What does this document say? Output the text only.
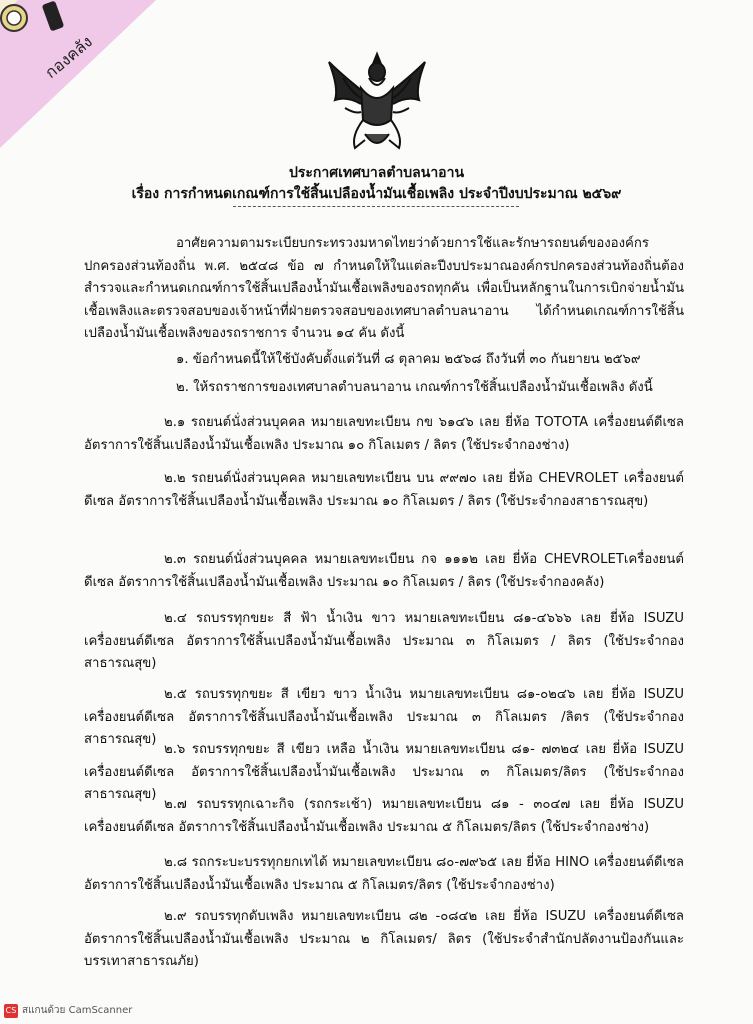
กองคลัง
ประกาศเทศบาลตำบลนาอาน
เรื่อง การกำหนดเกณฑ์การใช้สิ้นเปลืองน้ำมันเชื้อเพลิง ประจำปีงบประมาณ ๒๕๖๙
อาศัยความตามระเบียบกระทรวงมหาดไทยว่าด้วยการใช้และรักษารถยนต์ขององค์กรปกครองส่วนท้องถิ่น พ.ศ. ๒๕๔๘ ข้อ ๗ กำหนดให้ในแต่ละปีงบประมาณองค์กรปกครองส่วนท้องถิ่นต้องสำรวจและกำหนดเกณฑ์การใช้สิ้นเปลืองน้ำมันเชื้อเพลิงของรถทุกคัน เพื่อเป็นหลักฐานในการเบิกจ่ายน้ำมันเชื้อเพลิงและตรวจสอบของเจ้าหน้าที่ฝ่ายตรวจสอบของเทศบาลตำบลนาอาน ได้กำหนดเกณฑ์การใช้สิ้นเปลืองน้ำมันเชื้อเพลิงของรถราชการ จำนวน ๑๔ คัน ดังนี้
๑. ข้อกำหนดนี้ให้ใช้บังคับตั้งแต่วันที่ ๘ ตุลาคม ๒๕๖๘ ถึงวันที่ ๓๐ กันยายน ๒๕๖๙
๒. ให้รถราชการของเทศบาลตำบลนาอาน เกณฑ์การใช้สิ้นเปลืองน้ำมันเชื้อเพลิง ดังนี้
๒.๑ รถยนต์นั่งส่วนบุคคล หมายเลขทะเบียน กข ๖๑๔๖ เลย ยี่ห้อ TOTOTA เครื่องยนต์ดีเซล อัตราการใช้สิ้นเปลืองน้ำมันเชื้อเพลิง ประมาณ ๑๐ กิโลเมตร / ลิตร (ใช้ประจำกองช่าง)
๒.๒ รถยนต์นั่งส่วนบุคคล หมายเลขทะเบียน บน ๙๙๗๐ เลย ยี่ห้อ CHEVROLET เครื่องยนต์ดีเซล อัตราการใช้สิ้นเปลืองน้ำมันเชื้อเพลิง ประมาณ ๑๐ กิโลเมตร / ลิตร (ใช้ประจำกองสาธารณสุข)
๒.๓ รถยนต์นั่งส่วนบุคคล หมายเลขทะเบียน กจ ๑๑๑๒ เลย ยี่ห้อ CHEVROLETเครื่องยนต์ดีเซล อัตราการใช้สิ้นเปลืองน้ำมันเชื้อเพลิง ประมาณ ๑๐ กิโลเมตร / ลิตร (ใช้ประจำกองคลัง)
๒.๔ รถบรรทุกขยะ สี ฟ้า น้ำเงิน ขาว หมายเลขทะเบียน ๘๑-๔๖๖๖ เลย ยี่ห้อ ISUZU เครื่องยนต์ดีเซล อัตราการใช้สิ้นเปลืองน้ำมันเชื้อเพลิง ประมาณ ๓ กิโลเมตร / ลิตร (ใช้ประจำกองสาธารณสุข)
๒.๕ รถบรรทุกขยะ สี เขียว ขาว น้ำเงิน หมายเลขทะเบียน ๘๑-๐๒๔๖ เลย ยี่ห้อ ISUZU เครื่องยนต์ดีเซล อัตราการใช้สิ้นเปลืองน้ำมันเชื้อเพลิง ประมาณ ๓ กิโลเมตร /ลิตร (ใช้ประจำกองสาธารณสุข)
๒.๖ รถบรรทุกขยะ สี เขียว เหลือ น้ำเงิน หมายเลขทะเบียน ๘๑- ๗๓๒๔ เลย ยี่ห้อ ISUZU เครื่องยนต์ดีเซล อัตราการใช้สิ้นเปลืองน้ำมันเชื้อเพลิง ประมาณ ๓ กิโลเมตร/ลิตร (ใช้ประจำกองสาธารณสุข)
๒.๗ รถบรรทุกเฉาะกิจ (รถกระเช้า) หมายเลขทะเบียน ๘๑ - ๓๐๔๗ เลย ยี่ห้อ ISUZU เครื่องยนต์ดีเซล อัตราการใช้สิ้นเปลืองน้ำมันเชื้อเพลิง ประมาณ ๕ กิโลเมตร/ลิตร (ใช้ประจำกองช่าง)
๒.๘ รถกระบะบรรทุกยกเทได้ หมายเลขทะเบียน ๘๐-๗๙๖๕ เลย ยี่ห้อ HINO เครื่องยนต์ดีเซล อัตราการใช้สิ้นเปลืองน้ำมันเชื้อเพลิง ประมาณ ๕ กิโลเมตร/ลิตร (ใช้ประจำกองช่าง)
๒.๙ รถบรรทุกดับเพลิง หมายเลขทะเบียน ๘๒ -๐๘๔๒ เลย ยี่ห้อ ISUZU เครื่องยนต์ดีเซล อัตราการใช้สิ้นเปลืองน้ำมันเชื้อเพลิง ประมาณ ๒ กิโลเมตร/ ลิตร (ใช้ประจำสำนักปลัดงานป้องกันและบรรเทาสาธารณภัย)
CS สแกนด้วย CamScanner
